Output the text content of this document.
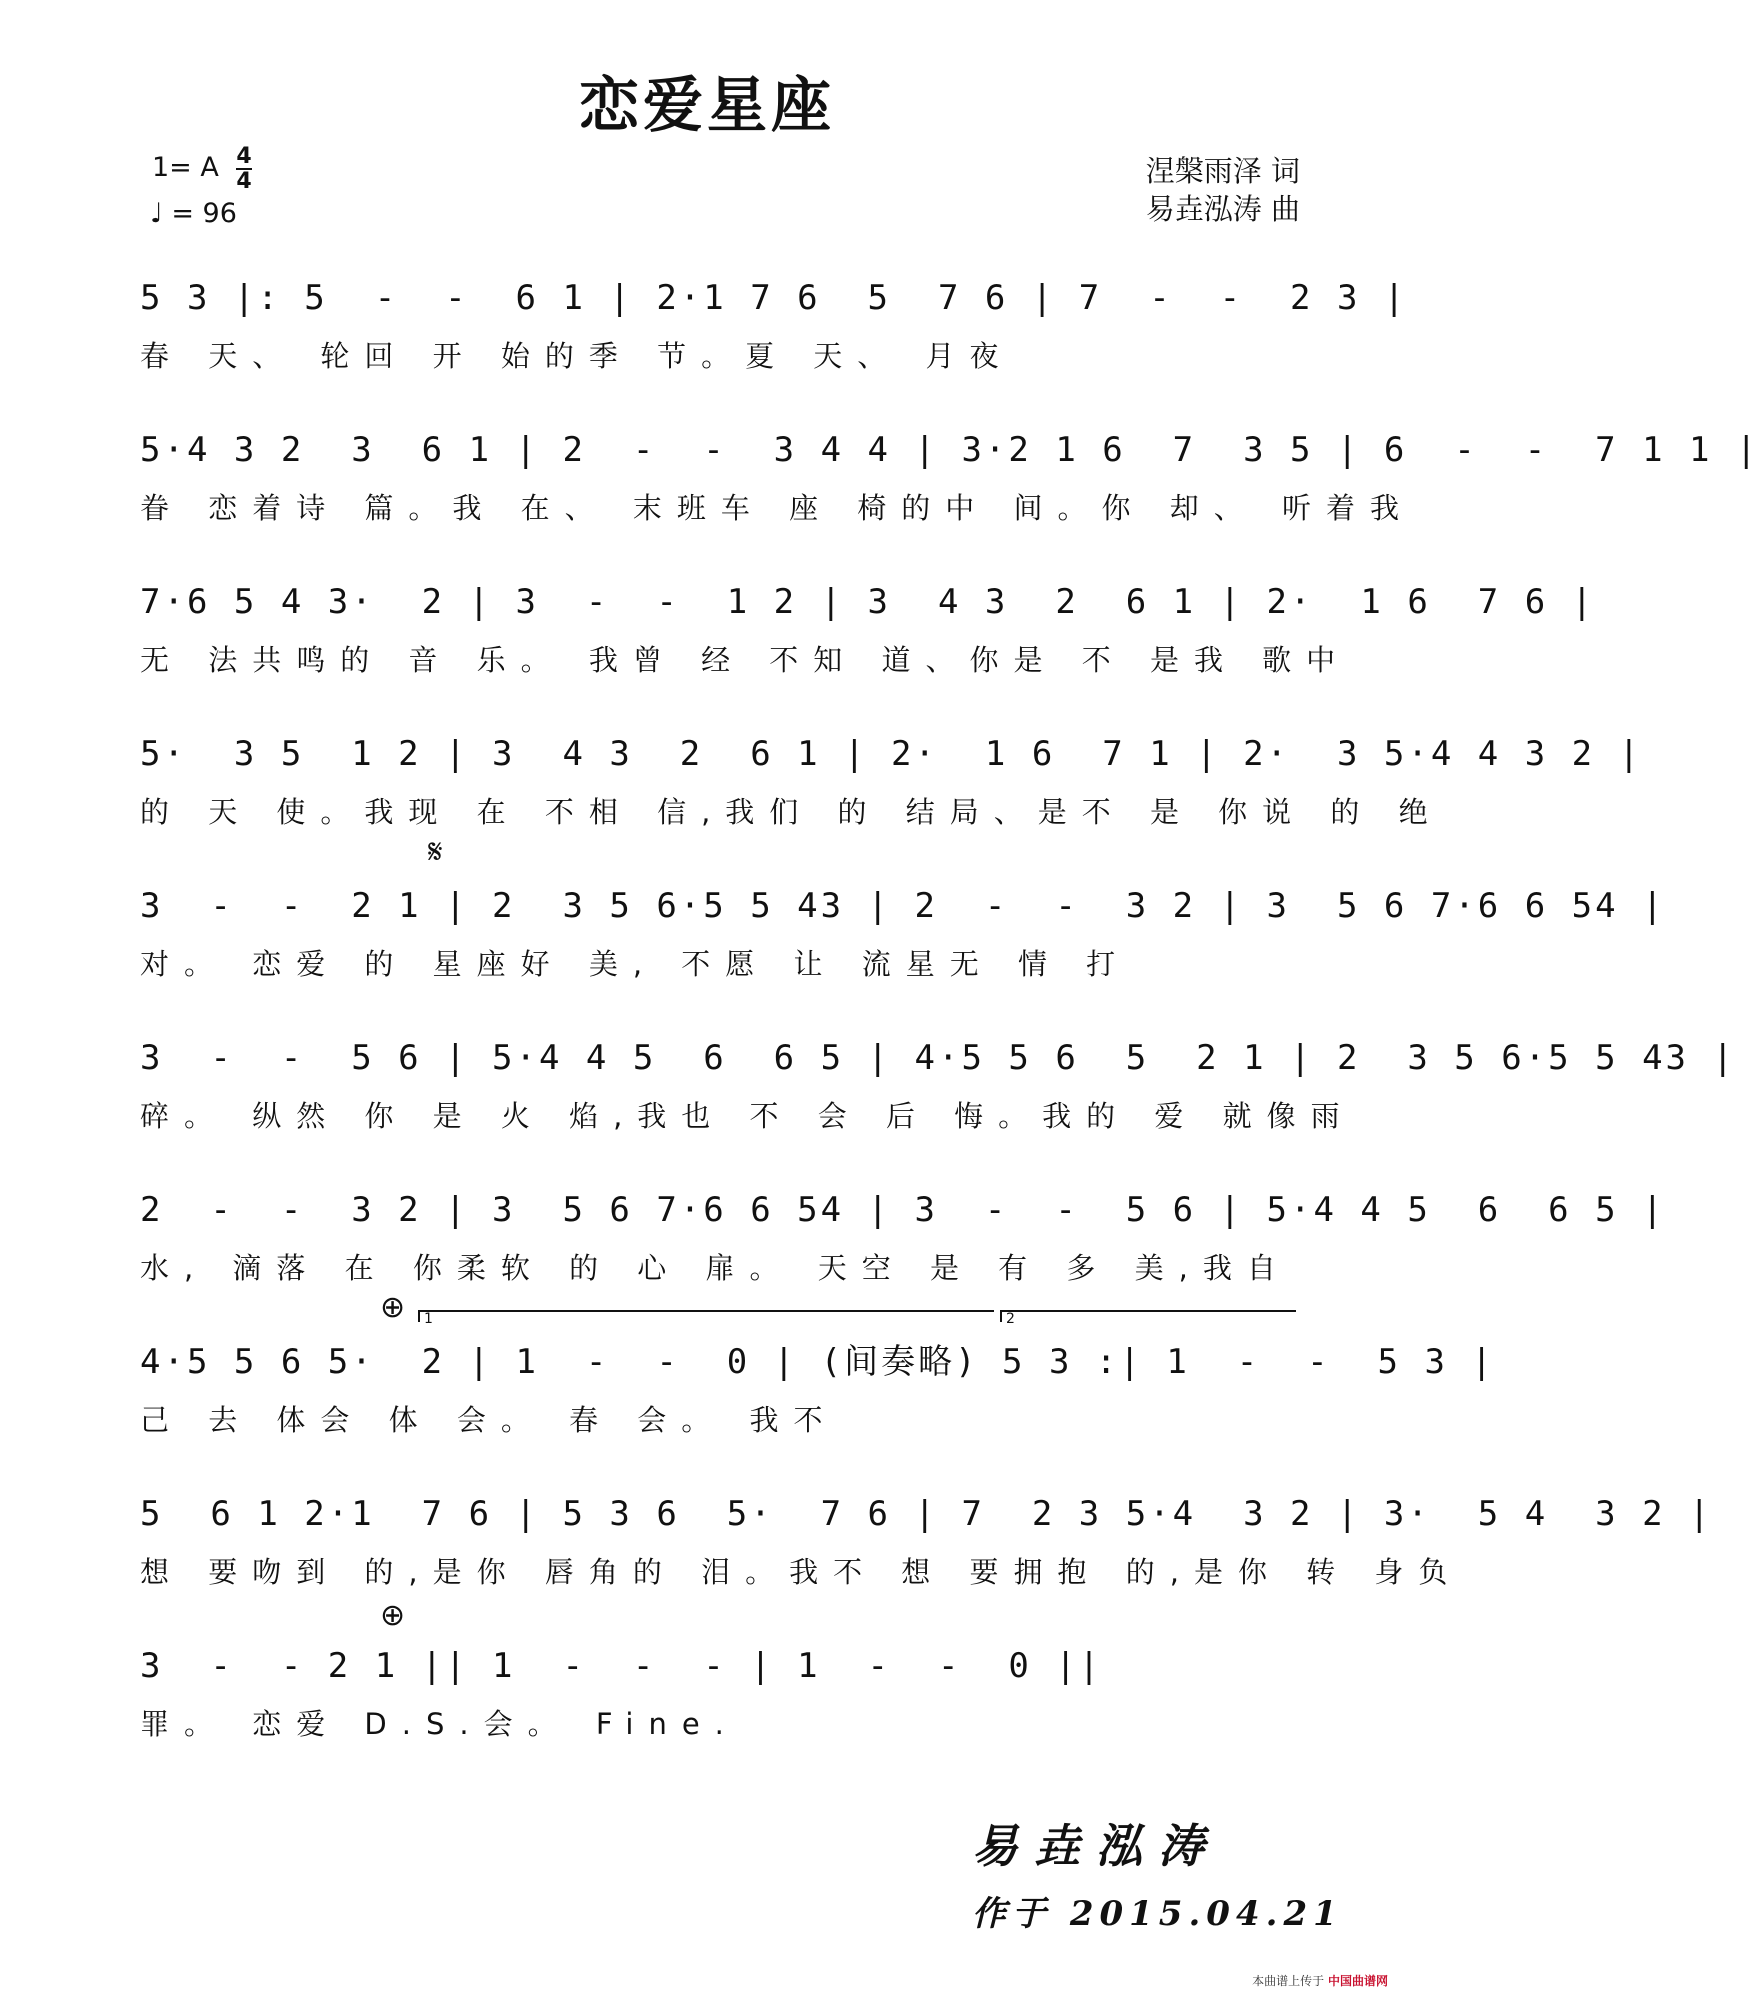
恋爱星座
1= A 4
4
♩ = 96
涅槃雨泽 词
易垚泓涛 曲
5 3 |: 5  -  -  6 1 | 2·1 7 6  5  7 6 | 7  -  -  2 3 |
春 天、 轮回 开 始的季 节。夏 天、 月夜
5·4 3 2  3  6 1 | 2  -  -  3 4 4 | 3·2 1 6  7  3 5 | 6  -  -  7 1 1 |
眷 恋着诗 篇。我 在、 末班车 座 椅的中 间。你 却、 听着我
7·6 5 4 3·  2 | 3  -  -  1 2 | 3  4 3  2  6 1 | 2·  1 6  7 6 |
无 法共鸣的 音 乐。 我曾 经 不知 道、你是 不 是我 歌中
5·  3 5  1 2 | 3  4 3  2  6 1 | 2·  1 6  7 1 | 2·  3 5·4 4 3 2 |
的 天 使。我现 在 不相 信,我们 的 结局、是不 是 你说 的 绝
𝄋
3  -  -  2 1 | 2  3 5 6·5 5 43 | 2  -  -  3 2 | 3  5 6 7·6 6 54 |
对。 恋爱 的 星座好 美, 不愿 让 流星无 情 打
3  -  -  5 6 | 5·4 4 5  6  6 5 | 4·5 5 6  5  2 1 | 2  3 5 6·5 5 43 |
碎。 纵然 你 是 火 焰,我也 不 会 后 悔。我的 爱 就像雨
2  -  -  3 2 | 3  5 6 7·6 6 54 | 3  -  -  5 6 | 5·4 4 5  6  6 5 |
水, 滴落 在 你柔软 的 心 扉。 天空 是 有 多 美,我自
⊕	1	2
4·5 5 6 5·  2 | 1  -  -  0 | (间奏略) 5 3 :| 1  -  -  5 3 |
己 去 体会 体 会。 春 会。 我不
5  6 1 2·1  7 6 | 5 3 6  5·  7 6 | 7  2 3 5·4  3 2 | 3·  5 4  3 2 |
想 要吻到 的,是你 唇角的 泪。我不 想 要拥抱 的,是你 转 身负
⊕
3  -  - 2 1 || 1  -  -  - | 1  -  -  0 ||
罪。 恋爱 D.S.会。 Fine.
易垚泓涛
作于 2015.04.21
本曲谱上传于 中国曲谱网
